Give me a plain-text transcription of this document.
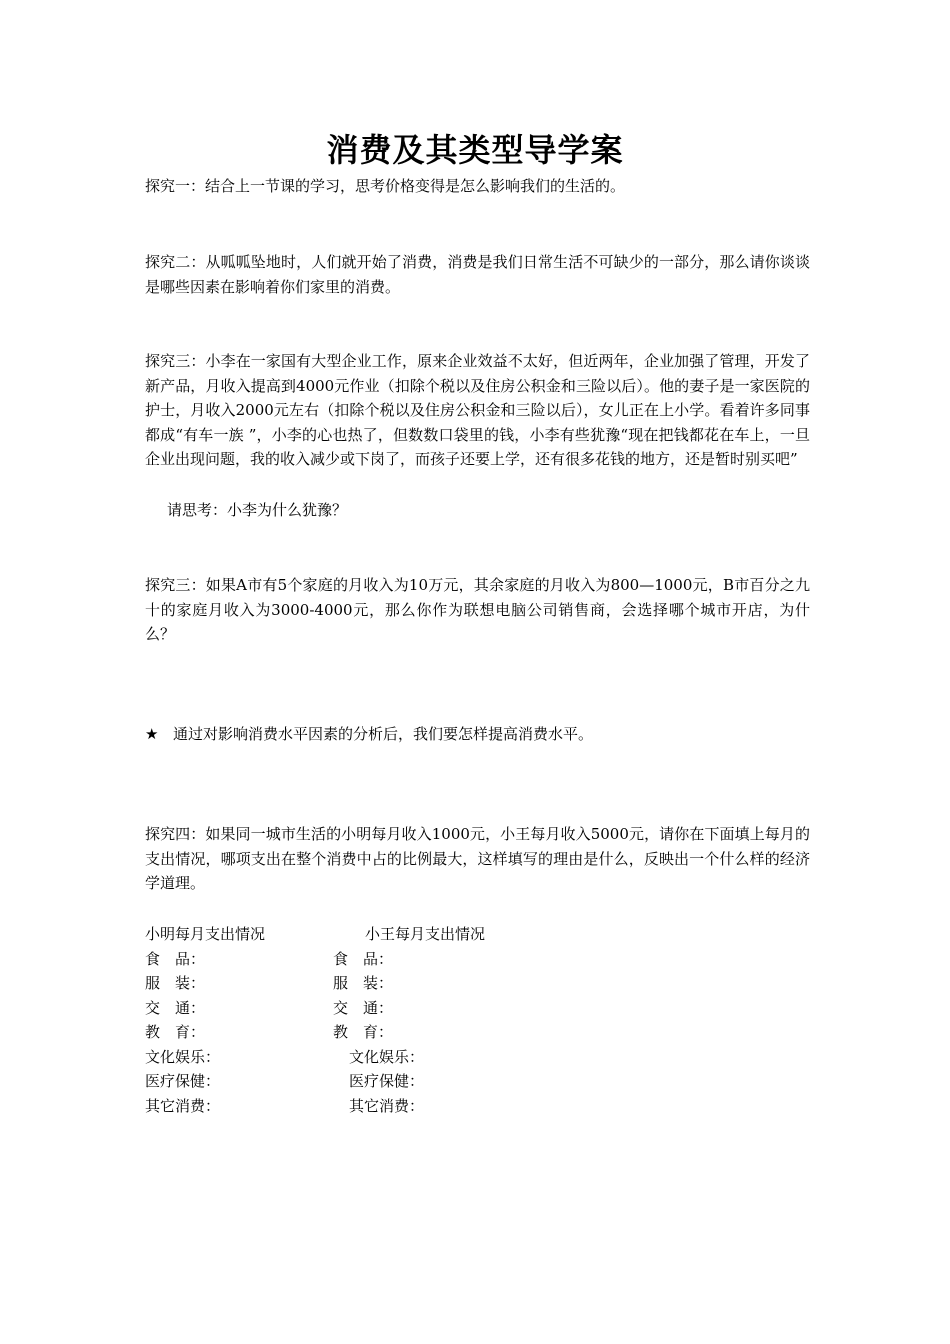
消费及其类型导学案
探究一：结合上一节课的学习，思考价格变得是怎么影响我们的生活的。
探究二：从呱呱坠地时，人们就开始了消费，消费是我们日常生活不可缺少的一部分，那么请你谈谈是哪些因素在影响着你们家里的消费。
探究三：小李在一家国有大型企业工作，原来企业效益不太好，但近两年，企业加强了管理，开发了新产品，月收入提高到4000元作业（扣除个税以及住房公积金和三险以后）。他的妻子是一家医院的护士，月收入2000元左右（扣除个税以及住房公积金和三险以后），女儿正在上小学。看着许多同事都成“有车一族 ”，小李的心也热了，但数数口袋里的钱，小李有些犹豫“现在把钱都花在车上，一旦企业出现问题，我的收入减少或下岗了，而孩子还要上学，还有很多花钱的地方，还是暂时别买吧”
请思考：小李为什么犹豫？
探究三：如果A市有5个家庭的月收入为10万元，其余家庭的月收入为800—1000元，B市百分之九十的家庭月收入为3000-4000元，那么你作为联想电脑公司销售商，会选择哪个城市开店，为什么？
★ 通过对影响消费水平因素的分析后，我们要怎样提高消费水平。
探究四：如果同一城市生活的小明每月收入1000元，小王每月收入5000元，请你在下面填上每月的支出情况，哪项支出在整个消费中占的比例最大，这样填写的理由是什么，反映出一个什么样的经济学道理。
小明每月支出情况	小王每月支出情况
食　品：
服　装：
交　通：
教　育：
文化娱乐：
医疗保健：
其它消费：
食　品：
服　装：
交　通：
教　育：
文化娱乐：
医疗保健：
其它消费：
